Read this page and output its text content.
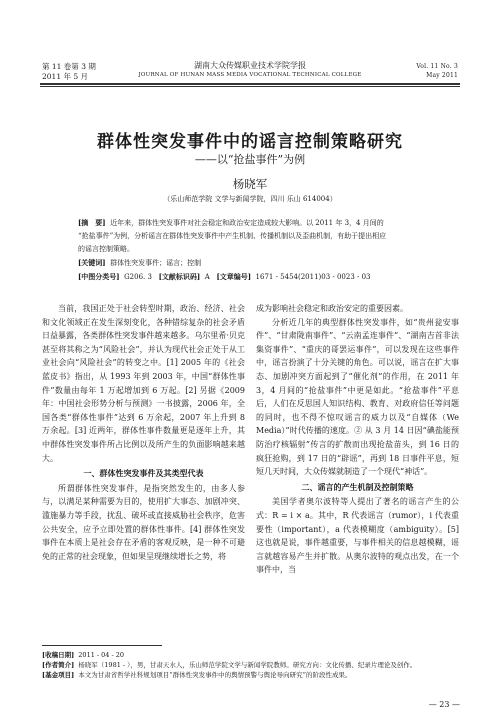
第 11 卷第 3 期
2011 年 5 月
湖南大众传媒职业技术学院学报
JOURNAL OF HUNAN MASS MEDIA VOCATIONAL TECHNICAL COLLEGE
Vol. 11 No. 3
May 2011
群体性突发事件中的谣言控制策略研究
——以“抢盐事件”为例
杨晓军
（乐山师范学院 文学与新闻学院，四川 乐山 614004）
[摘　要] 近年来，群体性突发事件对社会稳定和政治安定造成较大影响。以 2011 年 3，4 月间的
“抢盐事件”为例，分析谣言在群体性突发事件中产生机制、传播机制以及歪曲机制，有助于提出相应
的谣言控制策略。
[关键词] 群体性突发事件；谣言；控制
[中图分类号] G206. 3 [文献标识码] A [文章编号] 1671 - 5454(2011)03 - 0023 - 03

当前，我国正处于社会转型时期，政治、经济、社会和文化领域正在发生深刻变化，各种错综复杂的社会矛盾日益暴露，各类群体性突发事件越来越多。乌尔里希·贝克甚至将其称之为“风险社会”，并认为现代社会正处于从工业社会向“风险社会”的转变之中。[1] 2005 年的《社会蓝皮书》指出，从 1993 年到 2003 年，中国“群体性事件”数量由每年 1 万起增加到 6 万起。[2] 另据《2009 年：中国社会形势分析与预测》一书披露，2006 年，全国各类“群体性事件”达到 6 万余起，2007 年上升到 8 万余起。[3] 近两年，群体性事件数量更是逐年上升，其中群体性突发事件所占比例以及所产生的负面影响越来越大。

一、群体性突发事件及其类型代表

所谓群体性突发事件，是指突然发生的，由多人参与，以满足某种需要为目的，使用扩大事态、加剧冲突、滥施暴力等手段，扰乱、破坏或直接威胁社会秩序，危害公共安全，应予立即处置的群体性事件。[4] 群体性突发事件在本质上是社会存在矛盾的客观反映，是一种不可避免的正常的社会现象，但如果呈现继续增长之势，将

成为影响社会稳定和政治安定的重要因素。

分析近几年的典型群体性突发事件，如“贵州瓮安事件”、“甘肃陇南事件”、“云南孟连事件”、“湖南吉首非法集资事件”、“重庆的哥罢运事件”，可以发现在这些事件中，谣言扮演了十分关键的角色。可以说，谣言在扩大事态、加剧冲突方面起到了“催化剂”的作用，在 2011 年 3，4 月间的“抢盐事件”中更是如此。“抢盐事件”平息后，人们在反思国人知识结构、教育、对政府信任等问题的同时，也不得不惊叹谣言的威力以及“自媒体（We Media）”时代传播的速度。② 从 3 月 14 日因“碘盐能预防治疗核辐射”传言的扩散而出现抢盐苗头，到 16 日的疯狂抢购，到 17 日的“辟谣”，再到 18 日事件平息，短短几天时间，大众传媒就制造了一个现代“神话”。

二、谣言的产生机制及控制策略

美国学者奥尔波特等人提出了著名的谣言产生的公式：R = i × a。其中，R 代表谣言（rumor），i 代表重要性（important），a 代表模糊度（ambiguity）。[5] 这也就是说，事件越重要，与事件相关的信息越模糊，谣言就越容易产生并扩散。从奥尔波特的观点出发，在一个事件中，当

[收稿日期] 2011 - 04 - 20
[作者简介] 杨晓军（1981 - ），男，甘肃天水人，乐山师范学院文学与新闻学院教师。研究方向：文化传播、纪录片理论及创作。
[基金项目] 本文为甘肃省哲学社科规划项目“群体性突发事件中的舆情预警与舆论导向研究”的阶段性成果。
— 23 —
